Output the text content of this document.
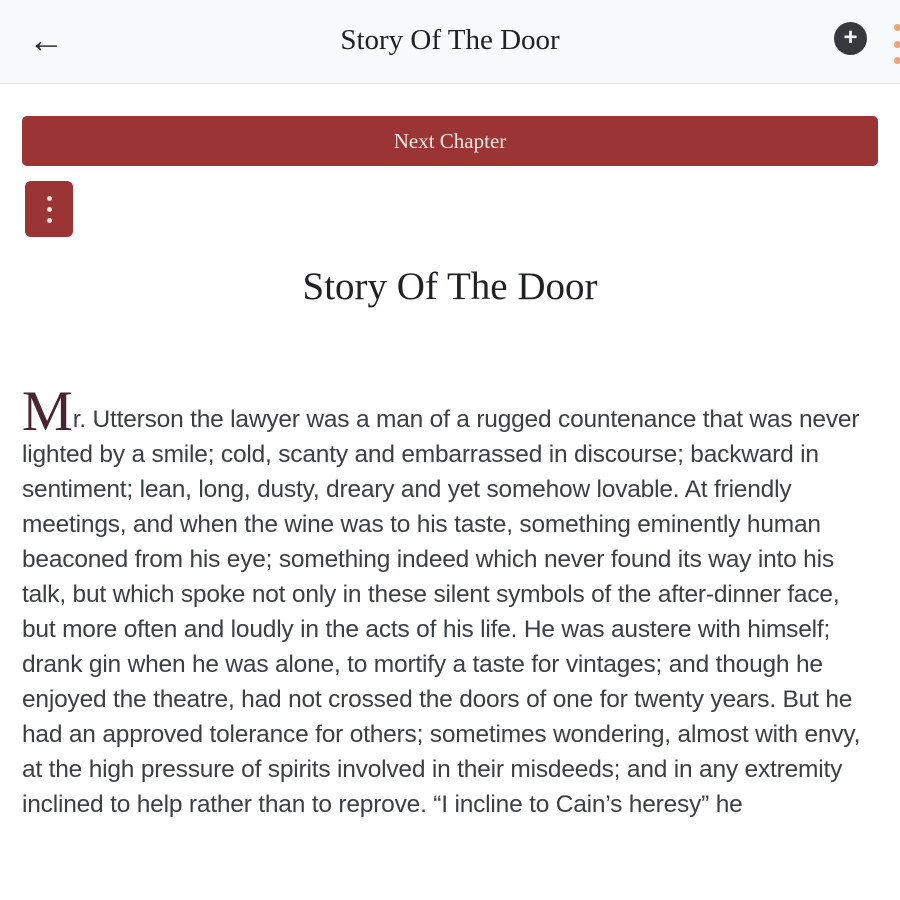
←	Story Of The Door	+
Next Chapter
Story Of The Door

Mr. Utterson the lawyer was a man of a rugged countenance that was never lighted by a smile; cold, scanty and embarrassed in discourse; backward in sentiment; lean, long, dusty, dreary and yet somehow lovable. At friendly meetings, and when the wine was to his taste, something eminently human beaconed from his eye; something indeed which never found its way into his talk, but which spoke not only in these silent symbols of the after-dinner face, but more often and loudly in the acts of his life. He was austere with himself; drank gin when he was alone, to mortify a taste for vintages; and though he enjoyed the theatre, had not crossed the doors of one for twenty years. But he had an approved tolerance for others; sometimes wondering, almost with envy, at the high pressure of spirits involved in their misdeeds; and in any extremity inclined to help rather than to reprove. “I incline to Cain’s heresy” he
